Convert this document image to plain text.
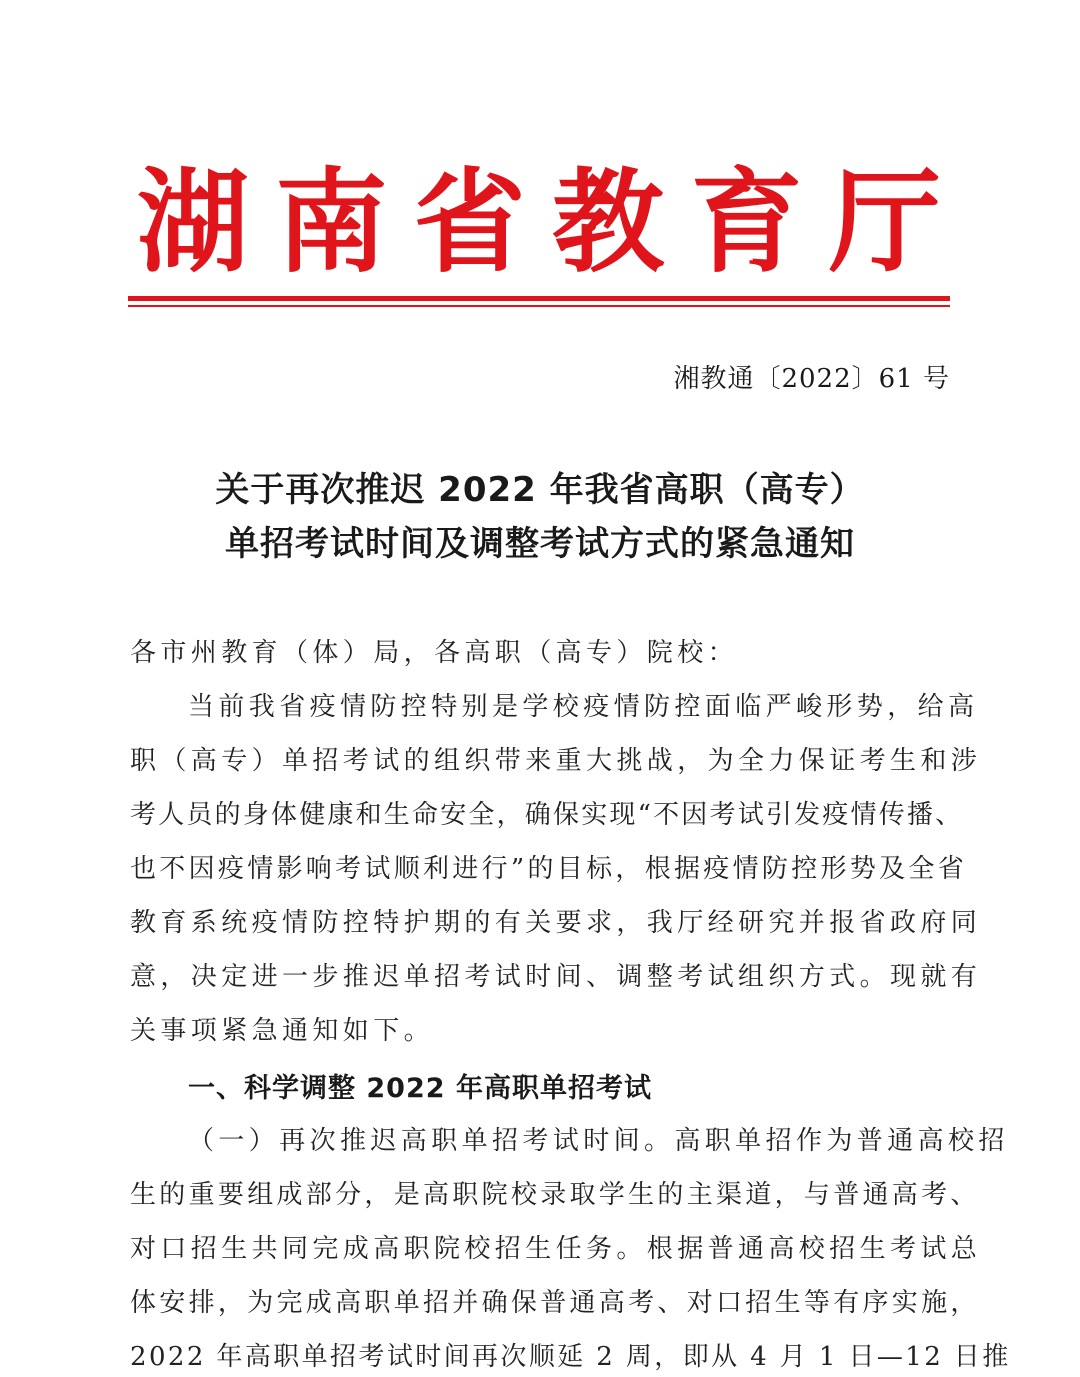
湖 南 省 教 育 厅
湘教通〔2022〕61 号
关于再次推迟 2022 年我省高职（高专）
单招考试时间及调整考试方式的紧急通知
各市州教育（体）局，各高职（高专）院校：
当前我省疫情防控特别是学校疫情防控面临严峻形势，给高
职（高专）单招考试的组织带来重大挑战，为全力保证考生和涉
考人员的身体健康和生命安全，确保实现“不因考试引发疫情传播、
也不因疫情影响考试顺利进行”的目标，根据疫情防控形势及全省
教育系统疫情防控特护期的有关要求，我厅经研究并报省政府同
意，决定进一步推迟单招考试时间、调整考试组织方式。现就有
关事项紧急通知如下。
一、科学调整 2022 年高职单招考试
（一）再次推迟高职单招考试时间。高职单招作为普通高校招
生的重要组成部分，是高职院校录取学生的主渠道，与普通高考、
对口招生共同完成高职院校招生任务。根据普通高校招生考试总
体安排，为完成高职单招并确保普通高考、对口招生等有序实施，
2022 年高职单招考试时间再次顺延 2 周，即从 4 月 1 日—12 日推
